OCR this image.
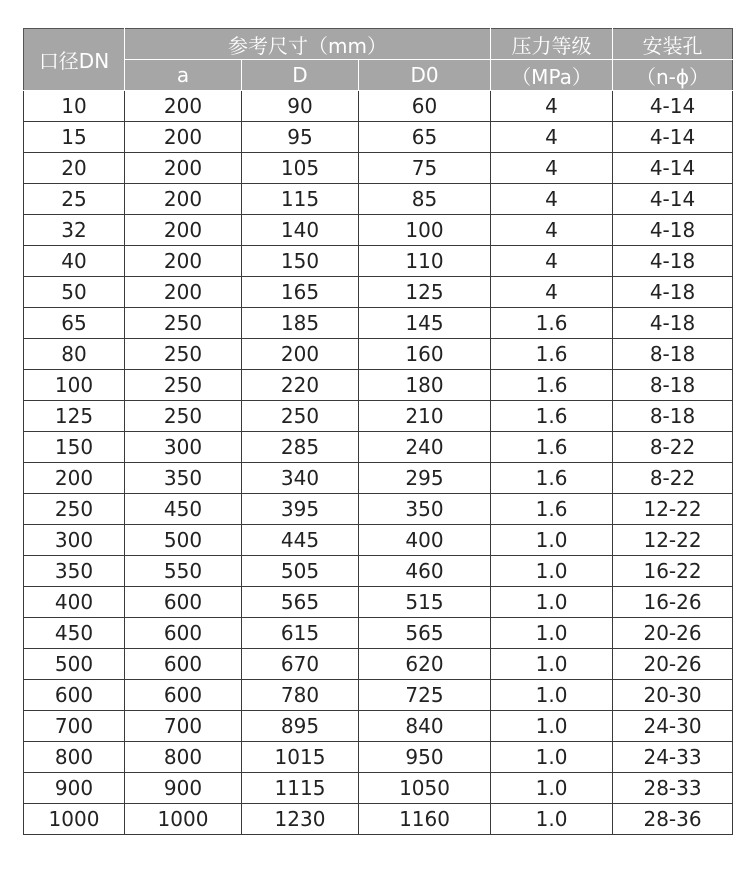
口径DN	参考尺寸（mm）			压力等级	安装孔
	a	D	D0	（MPa）	（n-ϕ）
10	200	90	60	4	4-14
15	200	95	65	4	4-14
20	200	105	75	4	4-14
25	200	115	85	4	4-14
32	200	140	100	4	4-18
40	200	150	110	4	4-18
50	200	165	125	4	4-18
65	250	185	145	1.6	4-18
80	250	200	160	1.6	8-18
100	250	220	180	1.6	8-18
125	250	250	210	1.6	8-18
150	300	285	240	1.6	8-22
200	350	340	295	1.6	8-22
250	450	395	350	1.6	12-22
300	500	445	400	1.0	12-22
350	550	505	460	1.0	16-22
400	600	565	515	1.0	16-26
450	600	615	565	1.0	20-26
500	600	670	620	1.0	20-26
600	600	780	725	1.0	20-30
700	700	895	840	1.0	24-30
800	800	1015	950	1.0	24-33
900	900	1115	1050	1.0	28-33
1000	1000	1230	1160	1.0	28-36
